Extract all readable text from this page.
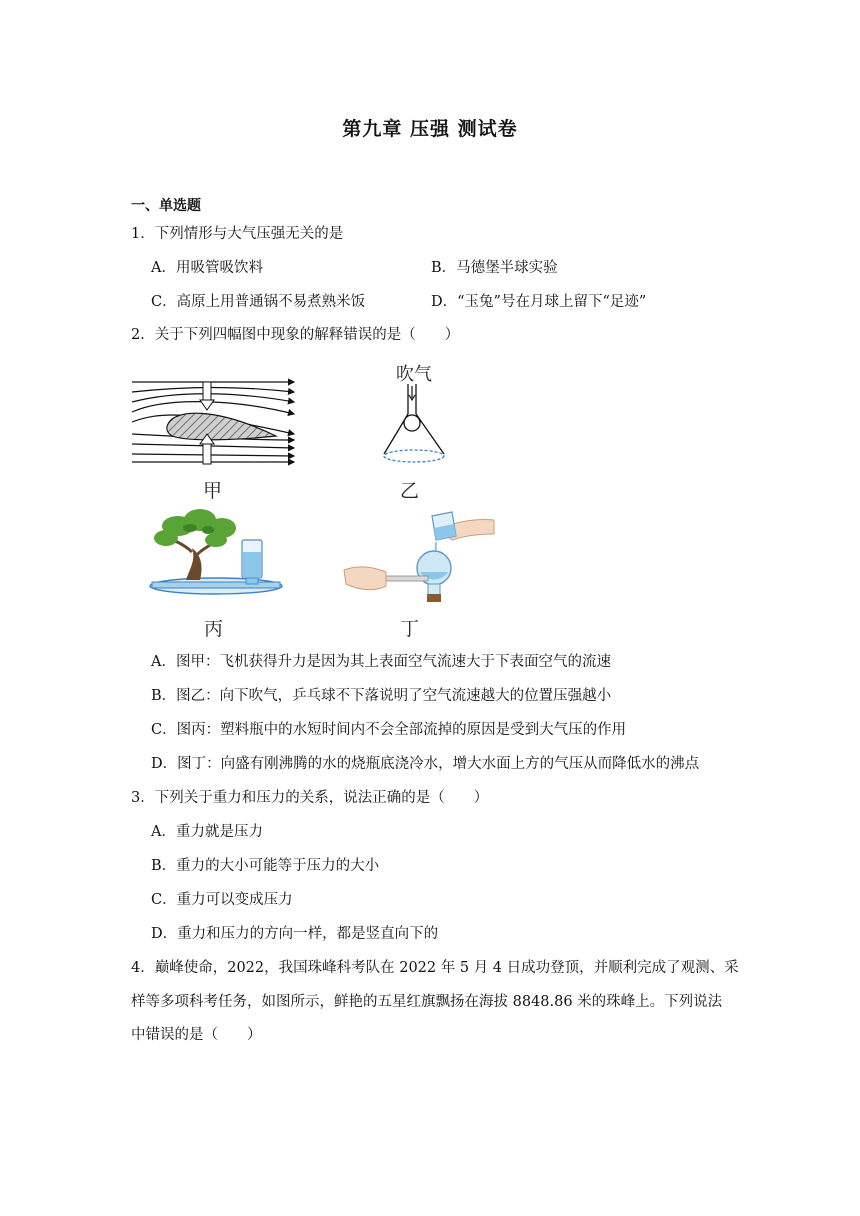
第九章 压强 测试卷
一、单选题
1．下列情形与大气压强无关的是
A．用吸管吸饮料	B．马德堡半球实验
C．高原上用普通锅不易煮熟米饭	D．“玉兔”号在月球上留下“足迹”
2．关于下列四幅图中现象的解释错误的是（　　）
甲
吹气
乙
丙	丁
A．图甲：飞机获得升力是因为其上表面空气流速大于下表面空气的流速
B．图乙：向下吹气，乒乓球不下落说明了空气流速越大的位置压强越小
C．图丙：塑料瓶中的水短时间内不会全部流掉的原因是受到大气压的作用
D．图丁：向盛有刚沸腾的水的烧瓶底浇冷水，增大水面上方的气压从而降低水的沸点
3．下列关于重力和压力的关系，说法正确的是（　　）
A．重力就是压力
B．重力的大小可能等于压力的大小
C．重力可以变成压力
D．重力和压力的方向一样，都是竖直向下的
4．巅峰使命，2022，我国珠峰科考队在 2022 年 5 月 4 日成功登顶，并顺利完成了观测、采
样等多项科考任务，如图所示，鲜艳的五星红旗飘扬在海拔 8848.86 米的珠峰上。下列说法
中错误的是（　　）
